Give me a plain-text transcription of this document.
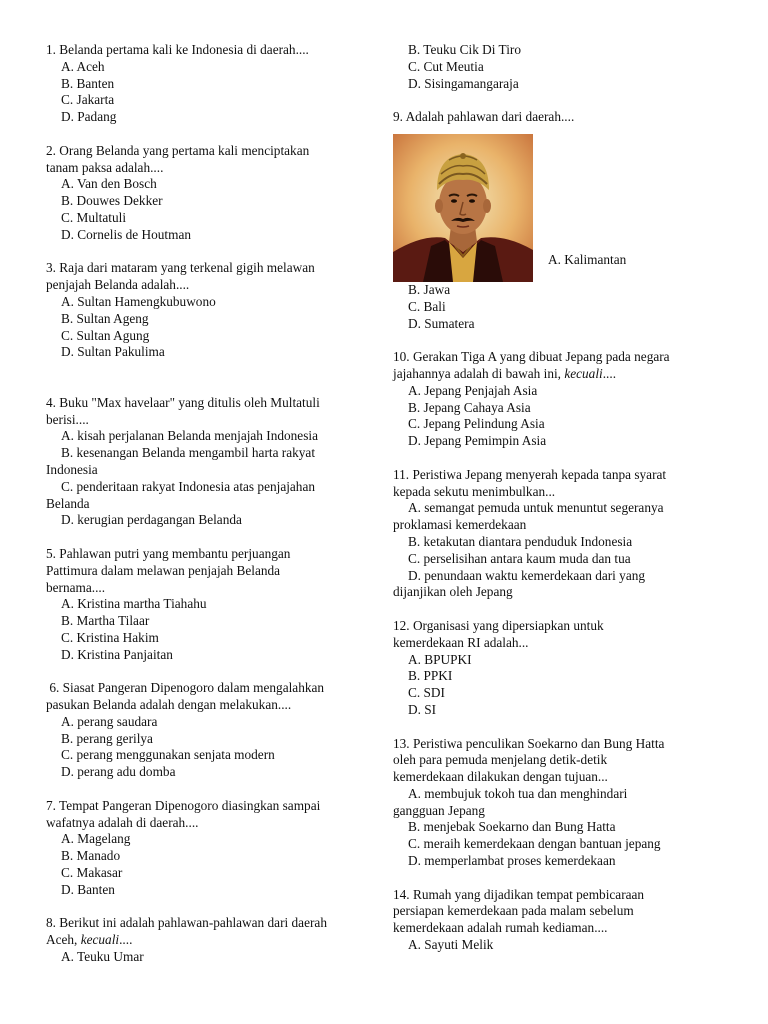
1. Belanda pertama kali ke Indonesia di daerah....

A. Aceh

B. Banten

C. Jakarta

D. Padang

2. Orang Belanda yang pertama kali menciptakan

tanam paksa adalah....

A. Van den Bosch

B. Douwes Dekker

C. Multatuli

D. Cornelis de Houtman

3. Raja dari mataram yang terkenal gigih melawan

penjajah Belanda adalah....

A. Sultan Hamengkubuwono

B. Sultan Ageng

C. Sultan Agung

D. Sultan Pakulima

4. Buku "Max havelaar" yang ditulis oleh Multatuli

berisi....

A. kisah perjalanan Belanda menjajah Indonesia

B. kesenangan Belanda mengambil harta rakyat

Indonesia

C. penderitaan rakyat Indonesia atas penjajahan

Belanda

D. kerugian perdagangan Belanda

5. Pahlawan putri yang membantu perjuangan

Pattimura dalam melawan penjajah Belanda

bernama....

A. Kristina martha Tiahahu

B. Martha Tilaar

C. Kristina Hakim

D. Kristina Panjaitan

6. Siasat Pangeran Dipenogoro dalam mengalahkan

pasukan Belanda adalah dengan melakukan....

A. perang saudara

B. perang gerilya

C. perang menggunakan senjata modern

D. perang adu domba

7. Tempat Pangeran Dipenogoro diasingkan sampai

wafatnya adalah di daerah....

A. Magelang

B. Manado

C. Makasar

D. Banten

8. Berikut ini adalah pahlawan-pahlawan dari daerah

Aceh, kecuali....

A. Teuku Umar

B. Teuku Cik Di Tiro

C. Cut Meutia

D. Sisingamangaraja

9. Adalah pahlawan dari daerah....

A. Kalimantan

B. Jawa

C. Bali

D. Sumatera

10. Gerakan Tiga A yang dibuat Jepang pada negara

jajahannya adalah di bawah ini, kecuali....

A. Jepang Penjajah Asia

B. Jepang Cahaya Asia

C. Jepang Pelindung Asia

D. Jepang Pemimpin Asia

11. Peristiwa Jepang menyerah kepada tanpa syarat

kepada sekutu menimbulkan...

A. semangat pemuda untuk menuntut segeranya

proklamasi kemerdekaan

B. ketakutan diantara penduduk Indonesia

C. perselisihan antara kaum muda dan tua

D. penundaan waktu kemerdekaan dari yang

dijanjikan oleh Jepang

12. Organisasi yang dipersiapkan untuk

kemerdekaan RI adalah...

A. BPUPKI

B. PPKI

C. SDI

D. SI

13. Peristiwa penculikan Soekarno dan Bung Hatta

oleh para pemuda menjelang detik-detik

kemerdekaan dilakukan dengan tujuan...

A. membujuk tokoh tua dan menghindari

gangguan Jepang

B. menjebak Soekarno dan Bung Hatta

C. meraih kemerdekaan dengan bantuan jepang

D. memperlambat proses kemerdekaan

14. Rumah yang dijadikan tempat pembicaraan

persiapan kemerdekaan pada malam sebelum

kemerdekaan adalah rumah kediaman....

A. Sayuti Melik
